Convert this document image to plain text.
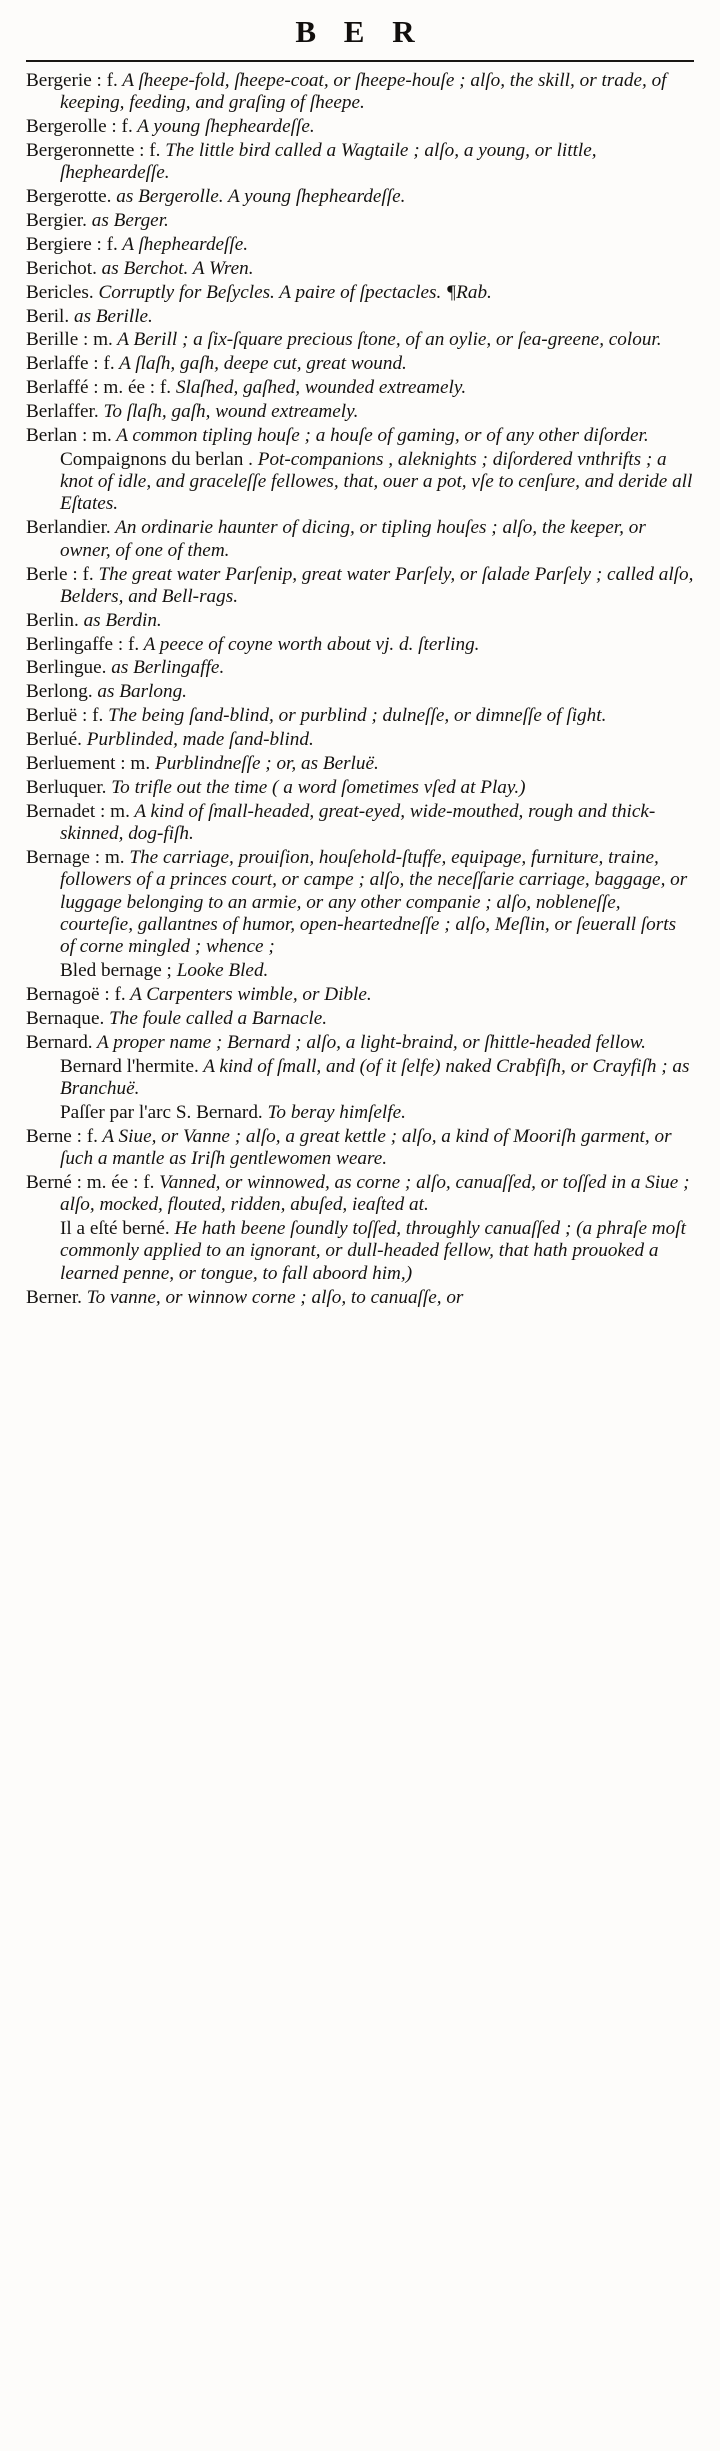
B E R

Bergerie : f. A ſheepe-fold, ſheepe-coat, or ſheepe-houſe ; alſo, the skill, or trade, of keeping, feeding, and graſing of ſheepe.

Bergerolle : f. A young ſhepheardeſſe.

Bergeronnette : f. The little bird called a Wagtaile ; alſo, a young, or little, ſhepheardeſſe.

Bergerotte. as Bergerolle. A young ſhepheardeſſe.

Bergier. as Berger.

Bergiere : f. A ſhepheardeſſe.

Berichot. as Berchot. A Wren.

Bericles. Corruptly for Beſycles. A paire of ſpectacles. ¶Rab.

Beril. as Berille.

Berille : m. A Berill ; a ſix-ſquare precious ſtone, of an oylie, or ſea-greene, colour.

Berlaffe : f. A ſlaſh, gaſh, deepe cut, great wound.

Berlaffé : m. ée : f. Slaſhed, gaſhed, wounded extreamely.

Berlaffer. To ſlaſh, gaſh, wound extreamely.

Berlan : m. A common tipling houſe ; a houſe of gaming, or of any other diſorder.

Compaignons du berlan . Pot-companions , aleknights ; diſordered vnthrifts ; a knot of idle, and graceleſſe fellowes, that, ouer a pot, vſe to cenſure, and deride all Eſtates.

Berlandier. An ordinarie haunter of dicing, or tipling houſes ; alſo, the keeper, or owner, of one of them.

Berle : f. The great water Parſenip, great water Parſely, or ſalade Parſely ; called alſo, Belders, and Bell-rags.

Berlin. as Berdin.

Berlingaffe : f. A peece of coyne worth about vj. d. ſterling.

Berlingue. as Berlingaffe.

Berlong. as Barlong.

Berluë : f. The being ſand-blind, or purblind ; dulneſſe, or dimneſſe of ſight.

Berlué. Purblinded, made ſand-blind.

Berluement : m. Purblindneſſe ; or, as Berluë.

Berluquer. To trifle out the time ( a word ſometimes vſed at Play.)

Bernadet : m. A kind of ſmall-headed, great-eyed, wide-mouthed, rough and thick-skinned, dog-fiſh.

Bernage : m. The carriage, prouiſion, houſehold-ſtuffe, equipage, furniture, traine, followers of a princes court, or campe ; alſo, the neceſſarie carriage, baggage, or luggage belonging to an armie, or any other companie ; alſo, nobleneſſe, courteſie, gallantnes of humor, open-heartedneſſe ; alſo, Meſlin, or ſeuerall ſorts of corne mingled ; whence ;

Bled bernage ; Looke Bled.

Bernagoë : f. A Carpenters wimble, or Dible.

Bernaque. The foule called a Barnacle.

Bernard. A proper name ; Bernard ; alſo, a light-braind, or ſhittle-headed fellow.

Bernard l'hermite. A kind of ſmall, and (of it ſelfe) naked Crabfiſh, or Crayfiſh ; as Branchuë.

Paſſer par l'arc S. Bernard. To beray himſelfe.

Berne : f. A Siue, or Vanne ; alſo, a great kettle ; alſo, a kind of Mooriſh garment, or ſuch a mantle as Iriſh gentlewomen weare.

Berné : m. ée : f. Vanned, or winnowed, as corne ; alſo, canuaſſed, or toſſed in a Siue ; alſo, mocked, flouted, ridden, abuſed, ieaſted at.

Il a eſté berné. He hath beene ſoundly toſſed, throughly canuaſſed ; (a phraſe moſt commonly applied to an ignorant, or dull-headed fellow, that hath prouoked a learned penne, or tongue, to fall aboord him,)

Berner. To vanne, or winnow corne ; alſo, to canuaſſe, or
